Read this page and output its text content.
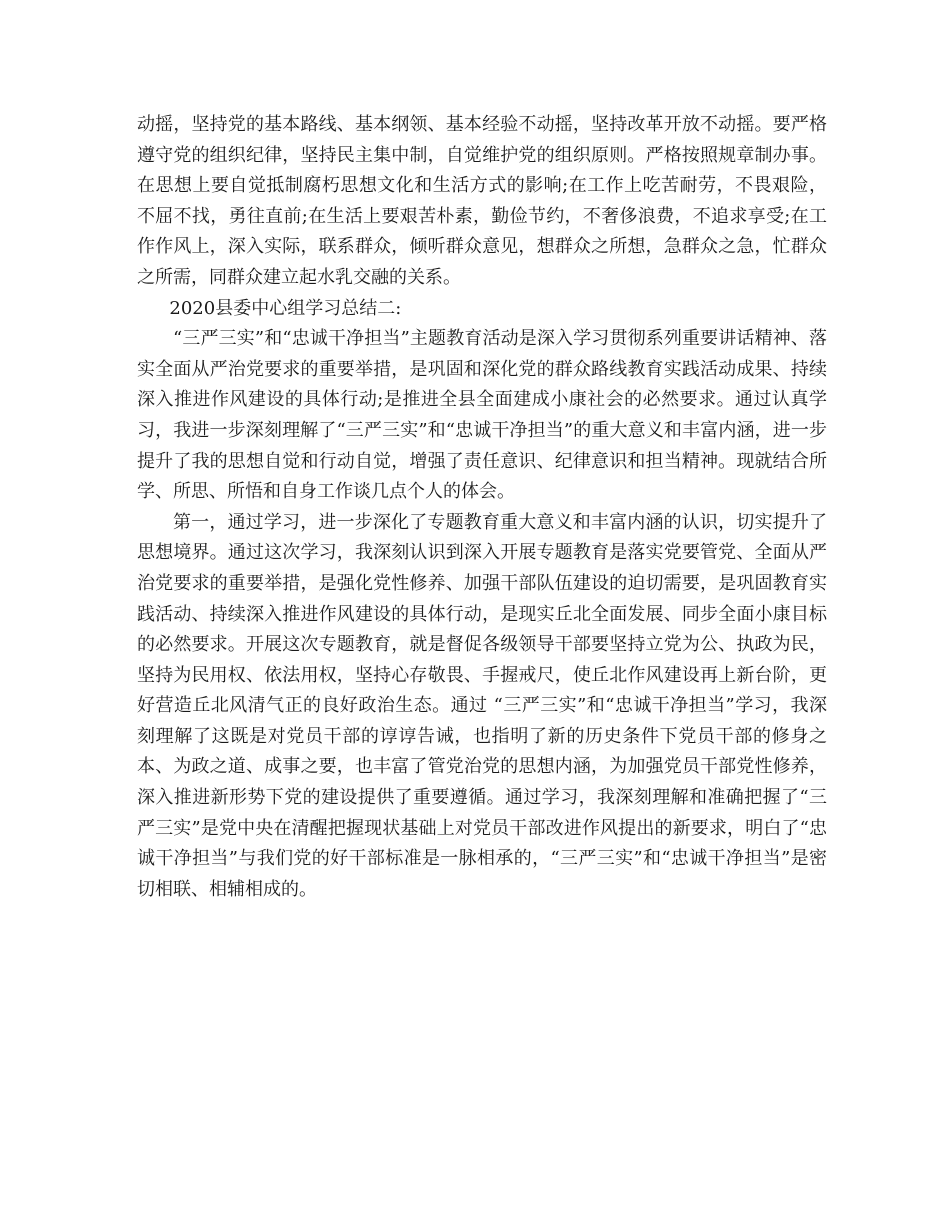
动摇，坚持党的基本路线、基本纲领、基本经验不动摇，坚持改革开放不动摇。要严格遵守党的组织纪律，坚持民主集中制，自觉维护党的组织原则。严格按照规章制办事。在思想上要自觉抵制腐朽思想文化和生活方式的影响;在工作上吃苦耐劳，不畏艰险，不屈不找，勇往直前;在生活上要艰苦朴素，勤俭节约，不奢侈浪费，不追求享受;在工作作风上，深入实际，联系群众，倾听群众意见，想群众之所想，急群众之急，忙群众之所需，同群众建立起水乳交融的关系。

2020县委中心组学习总结二:

“三严三实”和“忠诚干净担当”主题教育活动是深入学习贯彻系列重要讲话精神、落实全面从严治党要求的重要举措，是巩固和深化党的群众路线教育实践活动成果、持续深入推进作风建设的具体行动;是推进全县全面建成小康社会的必然要求。通过认真学习，我进一步深刻理解了“三严三实”和“忠诚干净担当”的重大意义和丰富内涵，进一步提升了我的思想自觉和行动自觉，增强了责任意识、纪律意识和担当精神。现就结合所学、所思、所悟和自身工作谈几点个人的体会。

第一，通过学习，进一步深化了专题教育重大意义和丰富内涵的认识，切实提升了思想境界。通过这次学习，我深刻认识到深入开展专题教育是落实党要管党、全面从严治党要求的重要举措，是强化党性修养、加强干部队伍建设的迫切需要，是巩固教育实践活动、持续深入推进作风建设的具体行动，是现实丘北全面发展、同步全面小康目标的必然要求。开展这次专题教育，就是督促各级领导干部要坚持立党为公、执政为民，坚持为民用权、依法用权，坚持心存敬畏、手握戒尺，使丘北作风建设再上新台阶，更好营造丘北风清气正的良好政治生态。通过 “三严三实”和“忠诚干净担当”学习，我深刻理解了这既是对党员干部的谆谆告诫，也指明了新的历史条件下党员干部的修身之本、为政之道、成事之要，也丰富了管党治党的思想内涵，为加强党员干部党性修养，深入推进新形势下党的建设提供了重要遵循。通过学习，我深刻理解和准确把握了“三严三实”是党中央在清醒把握现状基础上对党员干部改进作风提出的新要求，明白了“忠诚干净担当”与我们党的好干部标准是一脉相承的，“三严三实”和“忠诚干净担当”是密切相联、相辅相成的。
